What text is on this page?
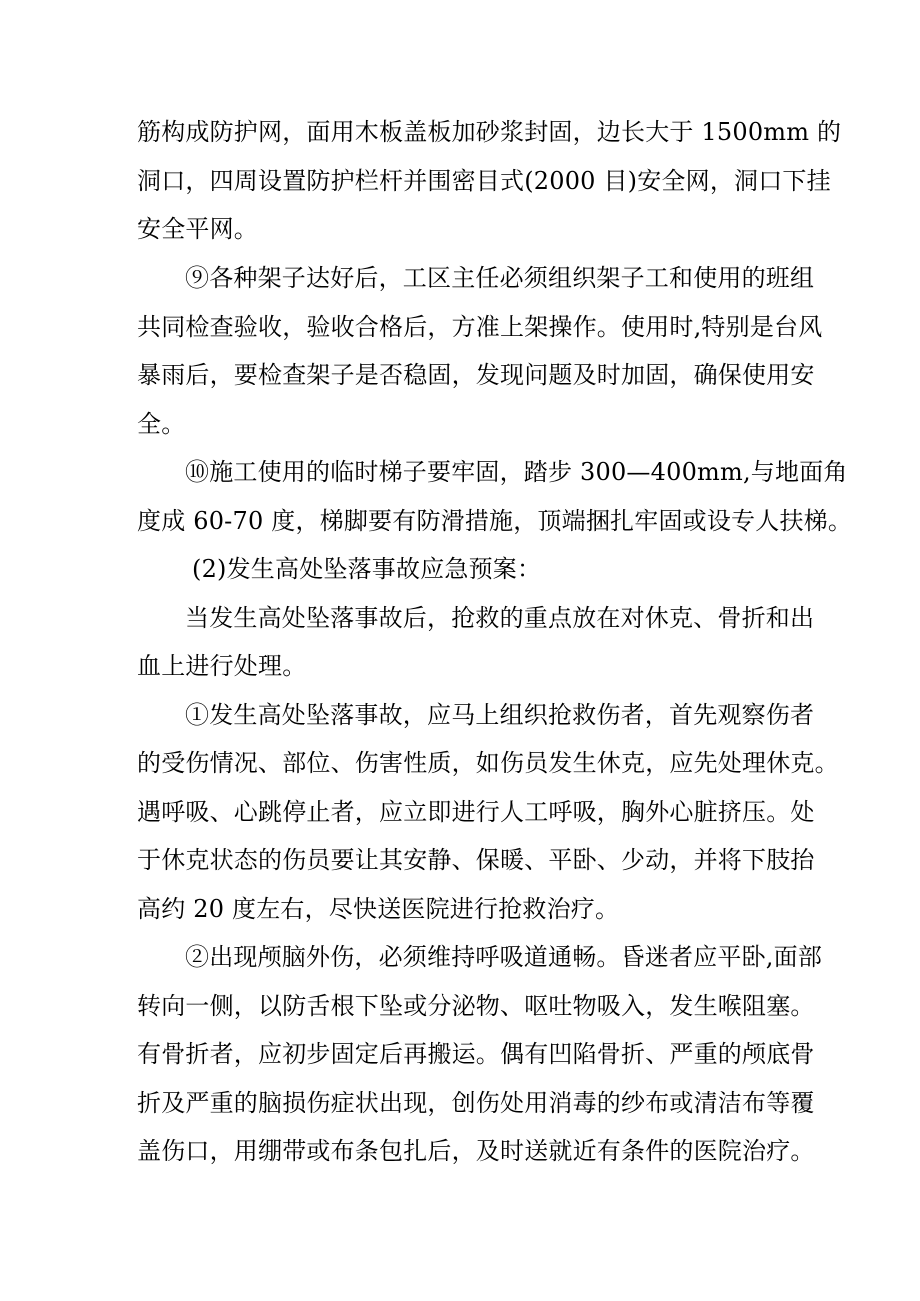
筋构成防护网，面用木板盖板加砂浆封固，边长大于 1500mm 的
洞口，四周设置防护栏杆并围密目式(2000 目)安全网，洞口下挂
安全平网。
⑨各种架子达好后，工区主任必须组织架子工和使用的班组
共同检查验收，验收合格后，方准上架操作。使用时,特别是台风
暴雨后，要检查架子是否稳固，发现问题及时加固，确保使用安
全。
⑩施工使用的临时梯子要牢固，踏步 300—400mm,与地面角
度成 60-70 度，梯脚要有防滑措施，顶端捆扎牢固或设专人扶梯。
(2)发生高处坠落事故应急预案：
当发生高处坠落事故后，抢救的重点放在对休克、骨折和出
血上进行处理。
①发生高处坠落事故，应马上组织抢救伤者，首先观察伤者
的受伤情况、部位、伤害性质，如伤员发生休克，应先处理休克。
遇呼吸、心跳停止者，应立即进行人工呼吸，胸外心脏挤压。处
于休克状态的伤员要让其安静、保暖、平卧、少动，并将下肢抬
高约 20 度左右，尽快送医院进行抢救治疗。
②出现颅脑外伤，必须维持呼吸道通畅。昏迷者应平卧,面部
转向一侧，以防舌根下坠或分泌物、呕吐物吸入，发生喉阻塞。
有骨折者，应初步固定后再搬运。偶有凹陷骨折、严重的颅底骨
折及严重的脑损伤症状出现，创伤处用消毒的纱布或清洁布等覆
盖伤口，用绷带或布条包扎后，及时送就近有条件的医院治疗。
